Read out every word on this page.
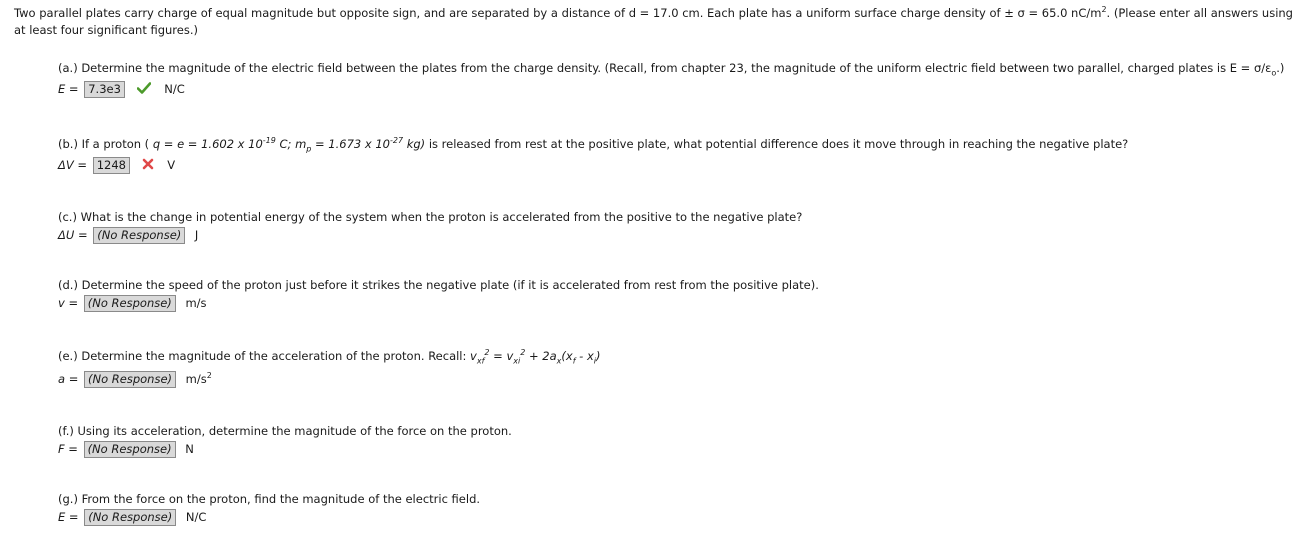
Two parallel plates carry charge of equal magnitude but opposite sign, and are separated by a distance of d = 17.0 cm. Each plate has a uniform surface charge density of ± σ = 65.0 $nC/m^2$. (Please enter all answers using at least four significant figures.)
(a.) Determine the magnitude of the electric field between the plates from the charge density. (Recall, from chapter 23, the magnitude of the uniform electric field between two parallel, charged plates is $E = \sigma/\varepsilon_o$.)
E = 7.3e3	N/C
(b.) If a proton ( q = e = 1.602 x $10^{-19}$ C; $m_p = 1.673$ x $10^{-27}$ kg) is released from rest at the positive plate, what potential difference does it move through in reaching the negative plate?
ΔV = 1248	V
(c.) What is the change in potential energy of the system when the proton is accelerated from the positive to the negative plate?
ΔU = (No Response) J
(d.) Determine the speed of the proton just before it strikes the negative plate (if it is accelerated from rest from the positive plate).
v = (No Response) m/s
(e.) Determine the magnitude of the acceleration of the proton. Recall: $v_{xf}^2 = v_{xi}^2 + 2a_x(x_f - x_i)$
a = (No Response) $m/s^2$
(f.) Using its acceleration, determine the magnitude of the force on the proton.
F = (No Response) N
(g.) From the force on the proton, find the magnitude of the electric field.
E = (No Response) N/C
